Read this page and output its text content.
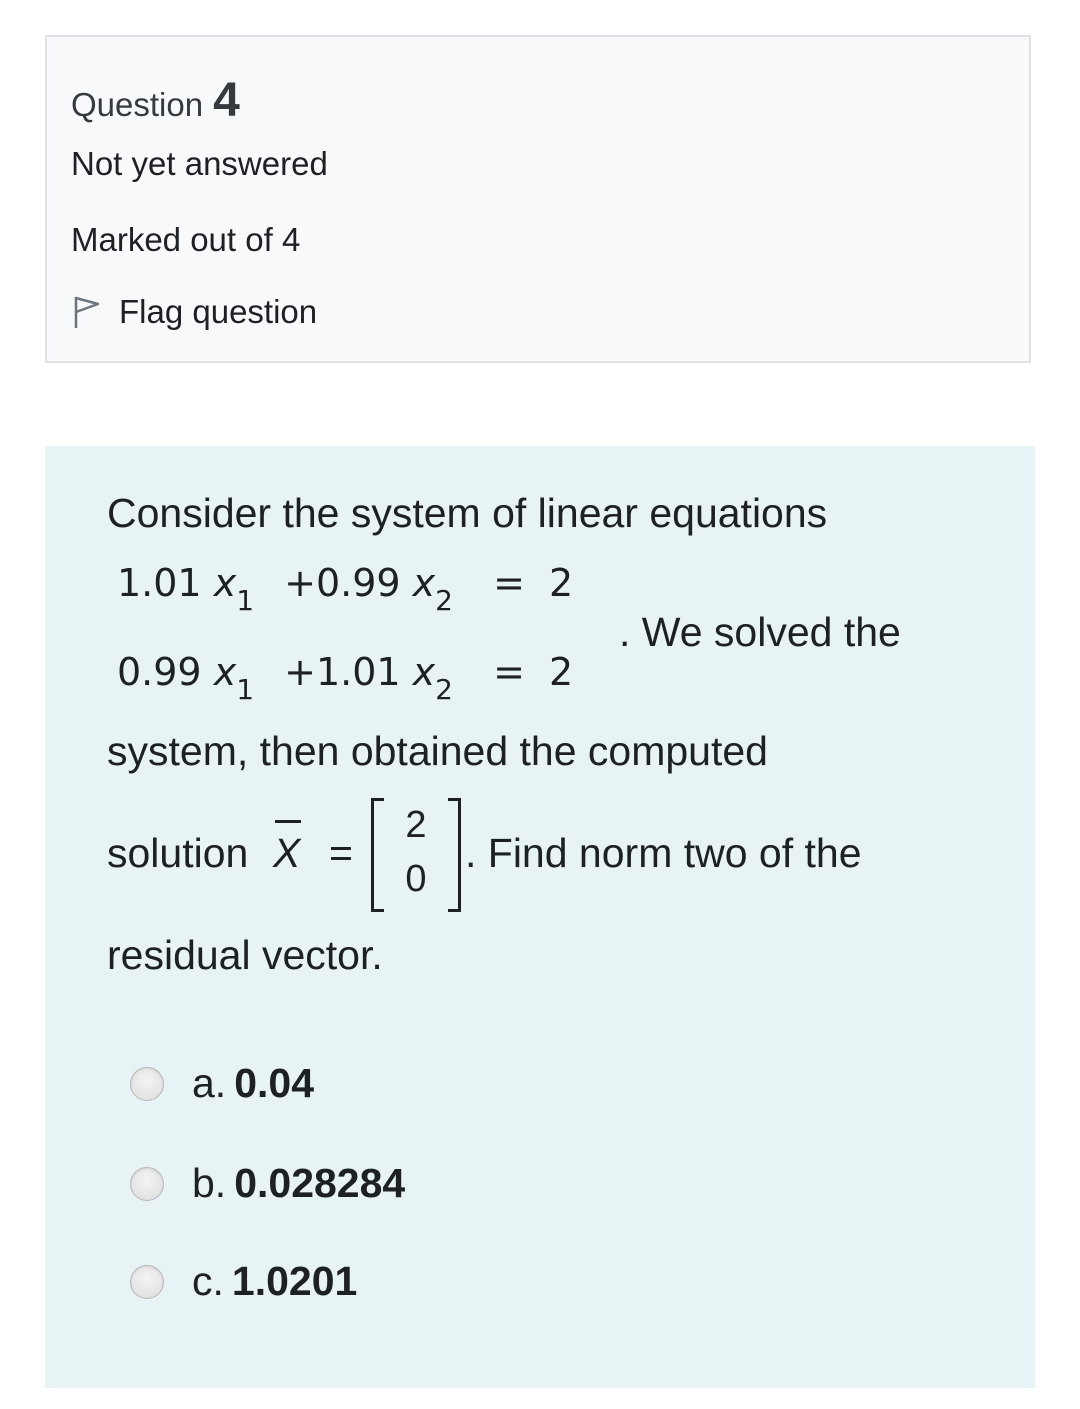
Question 4
Not yet answered
Marked out of 4
Flag question
Consider the system of linear equations
1.01 $x_1 +0.99$ $x_2 = 2$
. We solved the
0.99 $x_1 +1.01$ $x_2 = 2$
system, then obtained the computed
solution X =
2
0
. Find norm two of the
residual vector.
a. 0.04
b. 0.028284
c. 1.0201
